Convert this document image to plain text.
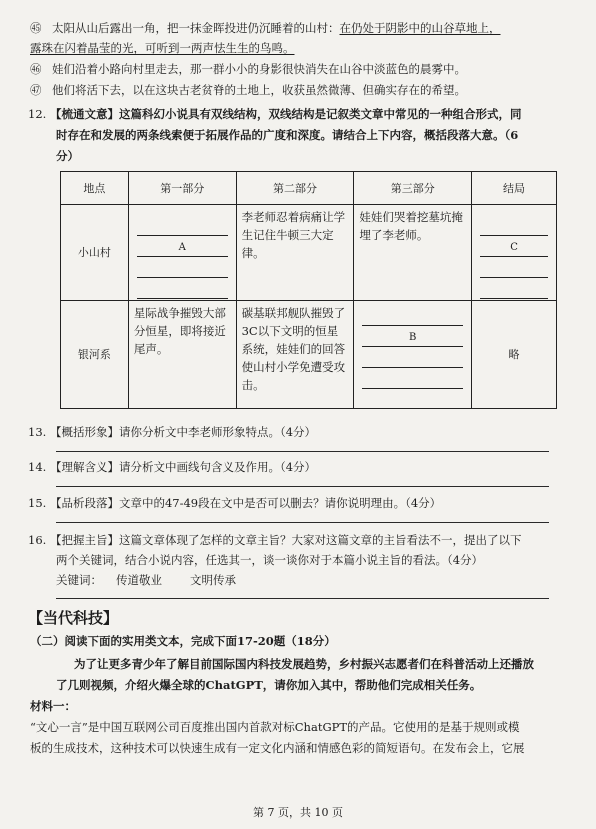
㊺ 太阳从山后露出一角，把一抹金晖投进仍沉睡着的山村：在仍处于阴影中的山谷草地上，
露珠在闪着晶莹的光，可听到一两声怯生生的鸟鸣。
㊻ 娃们沿着小路向村里走去，那一群小小的身影很快消失在山谷中淡蓝色的晨雾中。
㊼ 他们将活下去，以在这块古老贫脊的土地上，收获虽然微薄、但确实存在的希望。
12. 【梳通文意】这篇科幻小说具有双线结构，双线结构是记叙类文章中常见的一种组合形式，同
时存在和发展的两条线索便于拓展作品的广度和深度。请结合上下内容，概括段落大意。（6
分）
地点	第一部分	第二部分	第三部分	结局
小山村	A	李老师忍着病痛让学生记住牛顿三大定律。	娃娃们哭着挖墓坑掩埋了李老师。	C

银河系	星际战争摧毁大部分恒星，即将接近尾声。	碳基联邦舰队摧毁了3C以下文明的恒星系统，娃娃们的回答使山村小学免遭受攻击。	B	略
13. 【概括形象】请你分析文中李老师形象特点。（4分）
14. 【理解含义】请分析文中画线句含义及作用。（4分）
15. 【品析段落】文章中的47-49段在文中是否可以删去？请你说明理由。（4分）
16. 【把握主旨】这篇文章体现了怎样的文章主旨？大家对这篇文章的主旨看法不一，提出了以下
两个关键词，结合小说内容，任选其一，谈一谈你对于本篇小说主旨的看法。（4分）
关键词： 传道敬业 文明传承
【当代科技】
（二）阅读下面的实用类文本，完成下面17-20题（18分）
为了让更多青少年了解目前国际国内科技发展趋势，乡村振兴志愿者们在科普活动上还播放
了几则视频，介绍火爆全球的ChatGPT，请你加入其中，帮助他们完成相关任务。
材料一：
“文心一言”是中国互联网公司百度推出国内首款对标ChatGPT的产品。它使用的是基于规则或模
板的生成技术，这种技术可以快速生成有一定文化内涵和情感色彩的简短语句。在发布会上，它展
第 7 页，共 10 页
